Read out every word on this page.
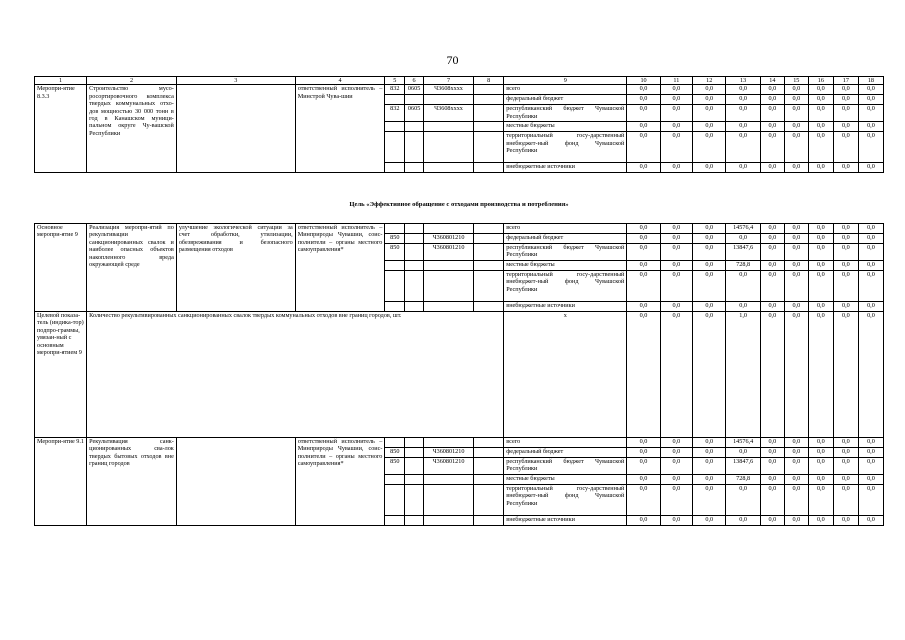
70
1	2	3	4	5	6	7	8	9	10	11	12	13	14	15	16	17	18
Меропри-ятие 8.3.3	Строительство мусо-росортировочного комплекса твердых коммунальных отхо-дов мощностью 30 000 тонн в год в Канашском муници-пальном округе Чу-вашской Республики		ответственный исполнитель – Минстрой Чува-шии	832	0605	Ч3608хххх		всего	0,0	0,0	0,0	0,0	0,0	0,0	0,0	0,0	0,0
								федеральный бюджет	0,0	0,0	0,0	0,0	0,0	0,0	0,0	0,0	0,0
				832	0605	Ч3608хххх		республиканский бюджет Чувашской Республики	0,0	0,0	0,0	0,0	0,0	0,0	0,0	0,0	0,0
								местные бюджеты	0,0	0,0	0,0	0,0	0,0	0,0	0,0	0,0	0,0
								территориальный госу-дарственный внебюджет-ный фонд Чувашской Республики	0,0	0,0	0,0	0,0	0,0	0,0	0,0	0,0	0,0
								внебюджетные источники	0,0	0,0	0,0	0,0	0,0	0,0	0,0	0,0	0,0
Цель «Эффективное обращение с отходами производства и потребления»
Основное меропри-ятие 9	Реализация меропри-ятий по рекультивации санкционированных свалок и наиболее опасных объектов накопленного вреда окружающей среде	улучшение экологической ситуации за счет обработки, утилизации, обезвреживания и безопасного размещения отходов	ответственный исполнитель – Минприроды Чувашии, соис-полнители – органы местного самоуправления*					всего	0,0	0,0	0,0	14576,4	0,0	0,0	0,0	0,0	0,0
				850		Ч360801210		федеральный бюджет	0,0	0,0	0,0	0,0	0,0	0,0	0,0	0,0	0,0
				850		Ч360801210		республиканский бюджет Чувашской Республики	0,0	0,0	0,0	13847,6	0,0	0,0	0,0	0,0	0,0
								местные бюджеты	0,0	0,0	0,0	728,8	0,0	0,0	0,0	0,0	0,0
								территориальный госу-дарственный внебюджет-ный фонд Чувашской Республики	0,0	0,0	0,0	0,0	0,0	0,0	0,0	0,0	0,0
								внебюджетные источники	0,0	0,0	0,0	0,0	0,0	0,0	0,0	0,0	0,0
Целевой показа-тель (индика-тор) подпро-граммы, увязан-ный с основным меропри-ятием 9	Количество рекультивированных санкционированных свалок твердых коммунальных отходов вне границ городов, шт.							x	0,0	0,0	0,0	1,0	0,0	0,0	0,0	0,0	0,0
Меропри-ятие 9.1	Рекультивация санк-ционированных сва-лок твердых бытовых отходов вне границ городов		ответственный исполнитель – Минприроды Чувашии, соис-полнители – органы местного самоуправления*					всего	0,0	0,0	0,0	14576,4	0,0	0,0	0,0	0,0	0,0
				850		Ч360801210		федеральный бюджет	0,0	0,0	0,0	0,0	0,0	0,0	0,0	0,0	0,0
				850		Ч360801210		республиканский бюджет Чувашской Республики	0,0	0,0	0,0	13847,6	0,0	0,0	0,0	0,0	0,0
								местные бюджеты	0,0	0,0	0,0	728,8	0,0	0,0	0,0	0,0	0,0
								территориальный госу-дарственный внебюджет-ный фонд Чувашской Республики	0,0	0,0	0,0	0,0	0,0	0,0	0,0	0,0	0,0
								внебюджетные источники	0,0	0,0	0,0	0,0	0,0	0,0	0,0	0,0	0,0
